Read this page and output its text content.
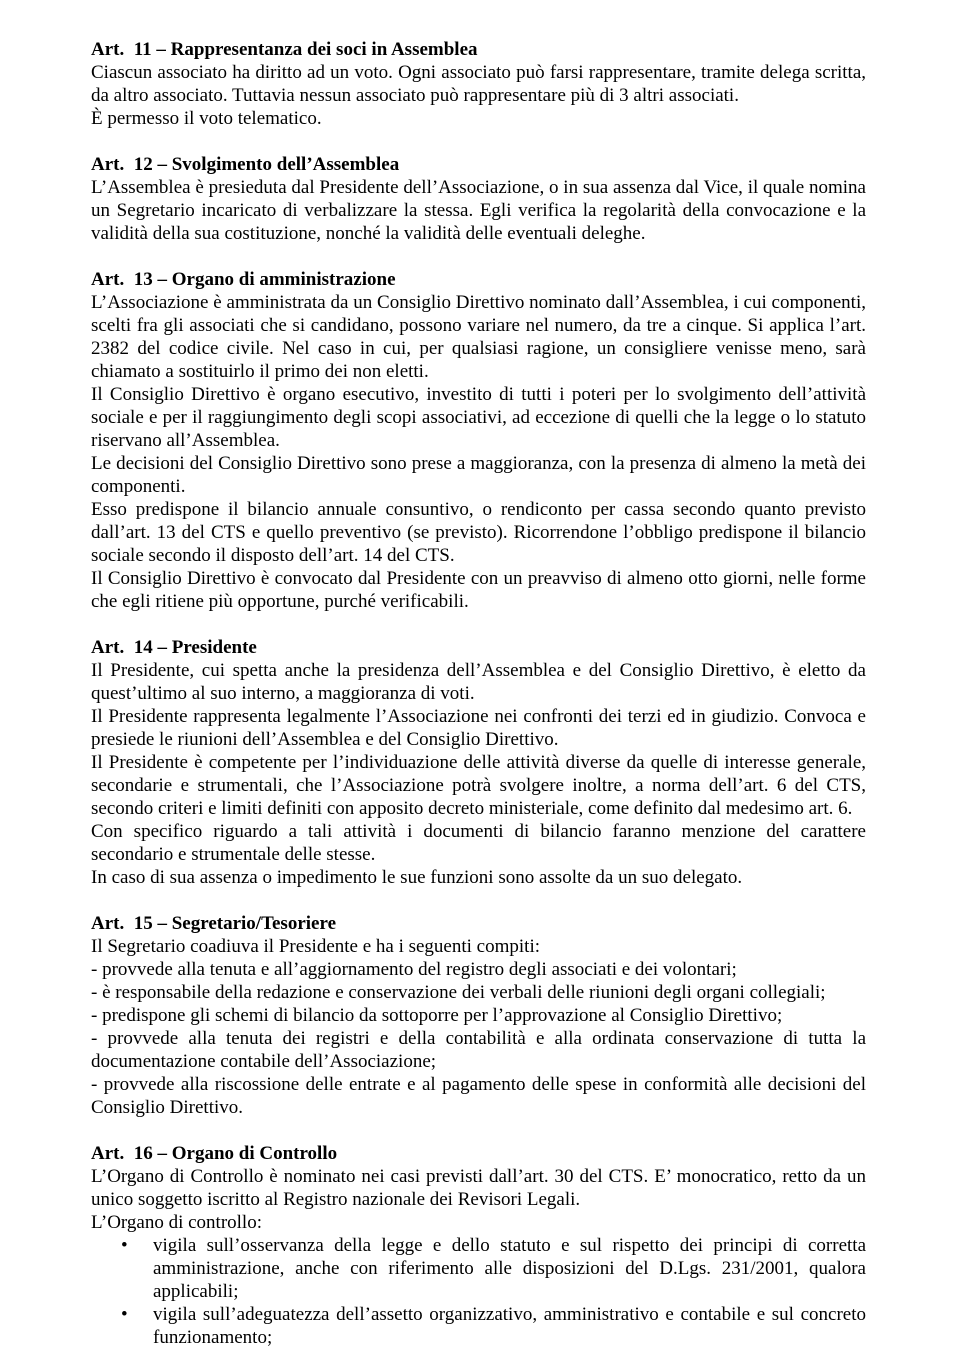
Art.  11 – Rappresentanza dei soci in Assemblea

Ciascun associato ha diritto ad un voto. Ogni associato può farsi rappresentare, tramite delega scritta, da altro associato. Tuttavia nessun associato può rappresentare più di 3 altri associati.

È permesso il voto telematico.

Art.  12 – Svolgimento dell’Assemblea

L’Assemblea è presieduta dal Presidente dell’Associazione, o in sua assenza dal Vice, il quale nomina un Segretario incaricato di verbalizzare la stessa. Egli verifica la regolarità della convocazione e la validità della sua costituzione, nonché la validità delle eventuali deleghe.

Art.  13 – Organo di amministrazione

L’Associazione è amministrata da un Consiglio Direttivo nominato dall’Assemblea, i cui componenti, scelti fra gli associati che si candidano, possono variare nel numero, da tre a cinque. Si applica l’art. 2382 del codice civile. Nel caso in cui, per qualsiasi ragione, un consigliere venisse meno, sarà chiamato a sostituirlo il primo dei non eletti.

Il Consiglio Direttivo è organo esecutivo, investito di tutti i poteri per lo svolgimento dell’attività sociale e per il raggiungimento degli scopi associativi, ad eccezione di quelli che la legge o lo statuto riservano all’Assemblea.

Le decisioni del Consiglio Direttivo sono prese a maggioranza, con la presenza di almeno la metà dei componenti.

Esso predispone il bilancio annuale consuntivo, o rendiconto per cassa secondo quanto previsto dall’art. 13 del CTS e quello preventivo (se previsto). Ricorrendone l’obbligo predispone il bilancio sociale secondo il disposto dell’art. 14 del CTS.

Il Consiglio Direttivo è convocato dal Presidente con un preavviso di almeno otto giorni, nelle forme che egli ritiene più opportune, purché verificabili.

Art.  14 – Presidente

Il Presidente, cui spetta anche la presidenza dell’Assemblea e del Consiglio Direttivo, è eletto da quest’ultimo al suo interno, a maggioranza di voti.

Il Presidente rappresenta legalmente l’Associazione nei confronti dei terzi ed in giudizio. Convoca e presiede le riunioni dell’Assemblea e del Consiglio Direttivo.

Il Presidente è competente per l’individuazione delle attività diverse da quelle di interesse generale, secondarie e strumentali, che l’Associazione potrà svolgere inoltre, a norma dell’art. 6 del CTS, secondo criteri e limiti definiti con apposito decreto ministeriale, come definito dal medesimo art. 6.

Con specifico riguardo a tali attività i documenti di bilancio faranno menzione del carattere secondario e strumentale delle stesse.

In caso di sua assenza o impedimento le sue funzioni sono assolte da un suo delegato.

Art.  15 – Segretario/Tesoriere

Il Segretario coadiuva il Presidente e ha i seguenti compiti:

- provvede alla tenuta e all’aggiornamento del registro degli associati e dei volontari;

- è responsabile della redazione e conservazione dei verbali delle riunioni degli organi collegiali;

- predispone gli schemi di bilancio da sottoporre per l’approvazione al Consiglio Direttivo;

- provvede alla tenuta dei registri e della contabilità e alla ordinata conservazione di tutta la documentazione contabile dell’Associazione;

- provvede alla riscossione delle entrate e al pagamento delle spese in conformità alle decisioni del Consiglio Direttivo.

Art.  16 – Organo di Controllo

L’Organo di Controllo è nominato nei casi previsti dall’art. 30 del CTS. E’ monocratico, retto da un unico soggetto iscritto al Registro nazionale dei Revisori Legali.

L’Organo di controllo:

•	vigila sull’osservanza della legge e dello statuto e sul rispetto dei principi di corretta amministrazione, anche con riferimento alle disposizioni del D.Lgs. 231/2001, qualora applicabili;
•	vigila sull’adeguatezza dell’assetto organizzativo, amministrativo e contabile e sul concreto funzionamento;
